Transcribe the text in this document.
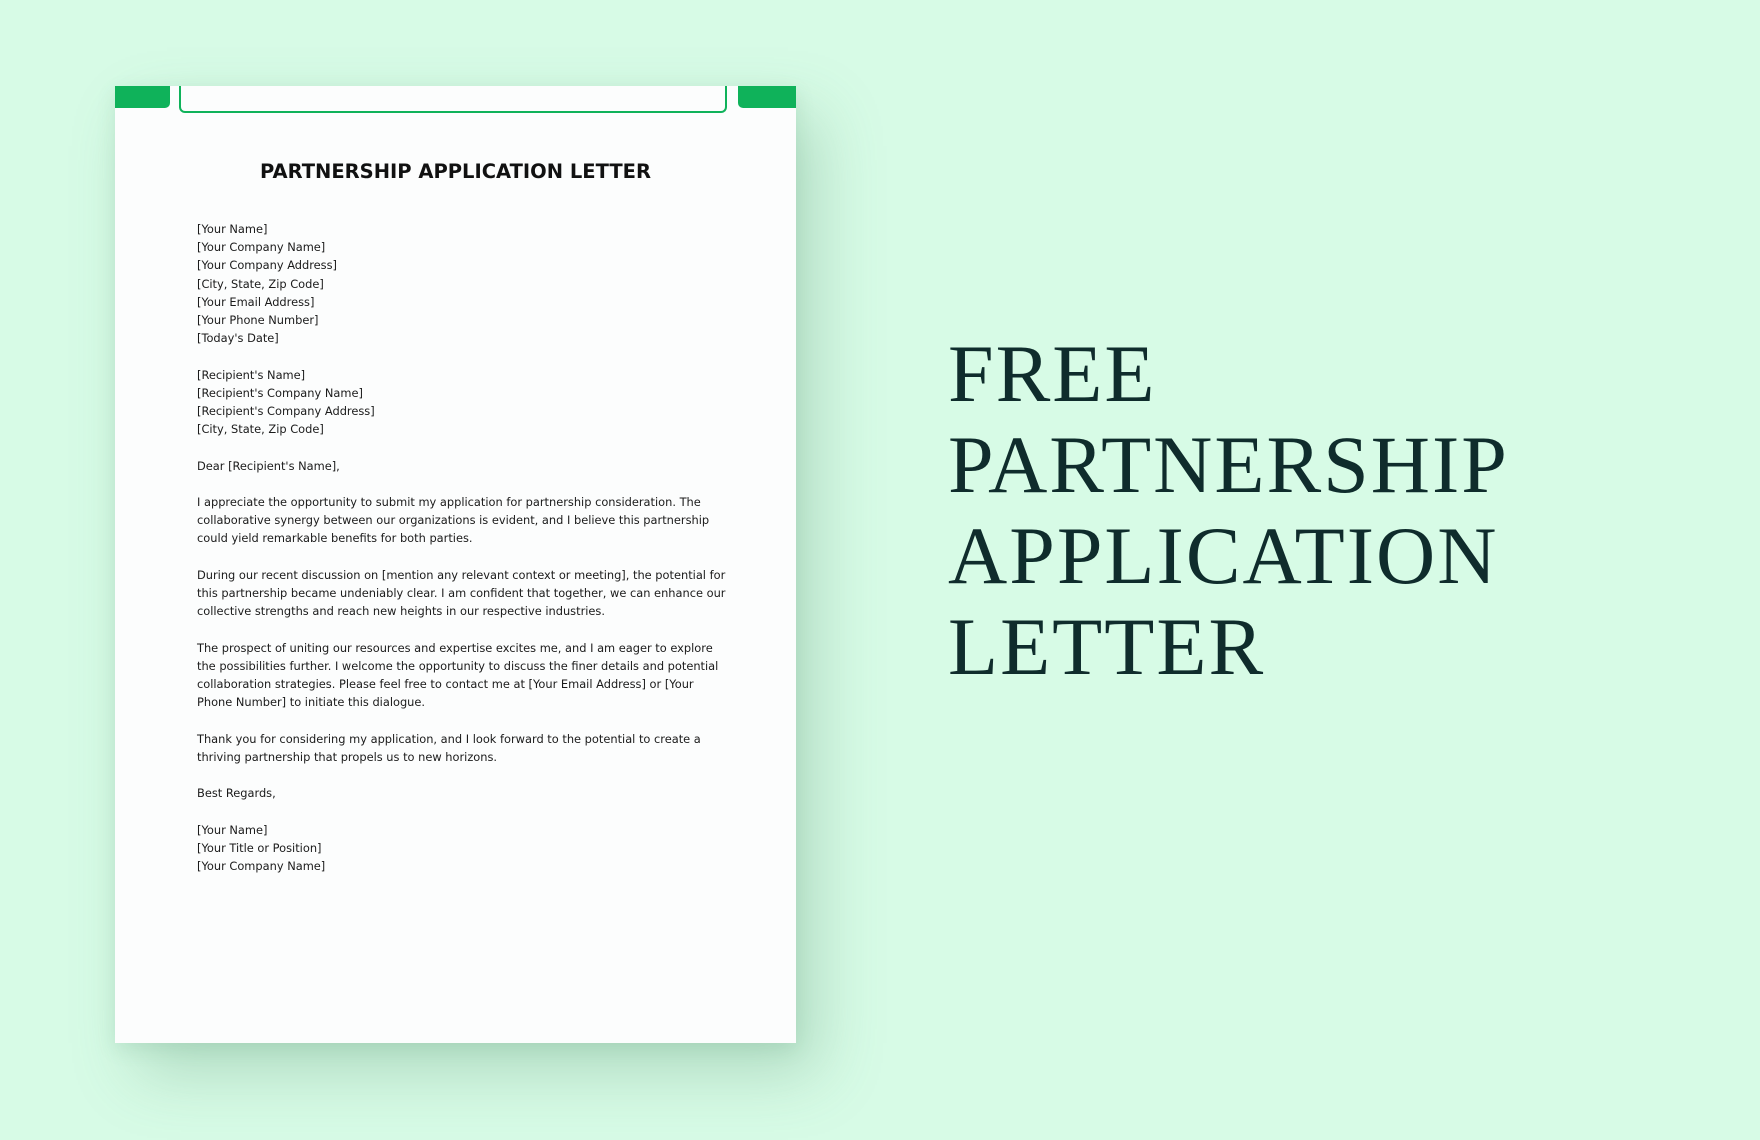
PARTNERSHIP APPLICATION LETTER
[Your Name]
[Your Company Name]
[Your Company Address]
[City, State, Zip Code]
[Your Email Address]
[Your Phone Number]
[Today's Date]
[Recipient's Name]
[Recipient's Company Name]
[Recipient's Company Address]
[City, State, Zip Code]

Dear [Recipient's Name],

I appreciate the opportunity to submit my application for partnership consideration. The
collaborative synergy between our organizations is evident, and I believe this partnership
could yield remarkable benefits for both parties.

During our recent discussion on [mention any relevant context or meeting], the potential for
this partnership became undeniably clear. I am confident that together, we can enhance our
collective strengths and reach new heights in our respective industries.

The prospect of uniting our resources and expertise excites me, and I am eager to explore
the possibilities further. I welcome the opportunity to discuss the finer details and potential
collaboration strategies. Please feel free to contact me at [Your Email Address] or [Your
Phone Number] to initiate this dialogue.

Thank you for considering my application, and I look forward to the potential to create a
thriving partnership that propels us to new horizons.

Best Regards,

[Your Name]
[Your Title or Position]
[Your Company Name]
FREE
PARTNERSHIP
APPLICATION
LETTER
